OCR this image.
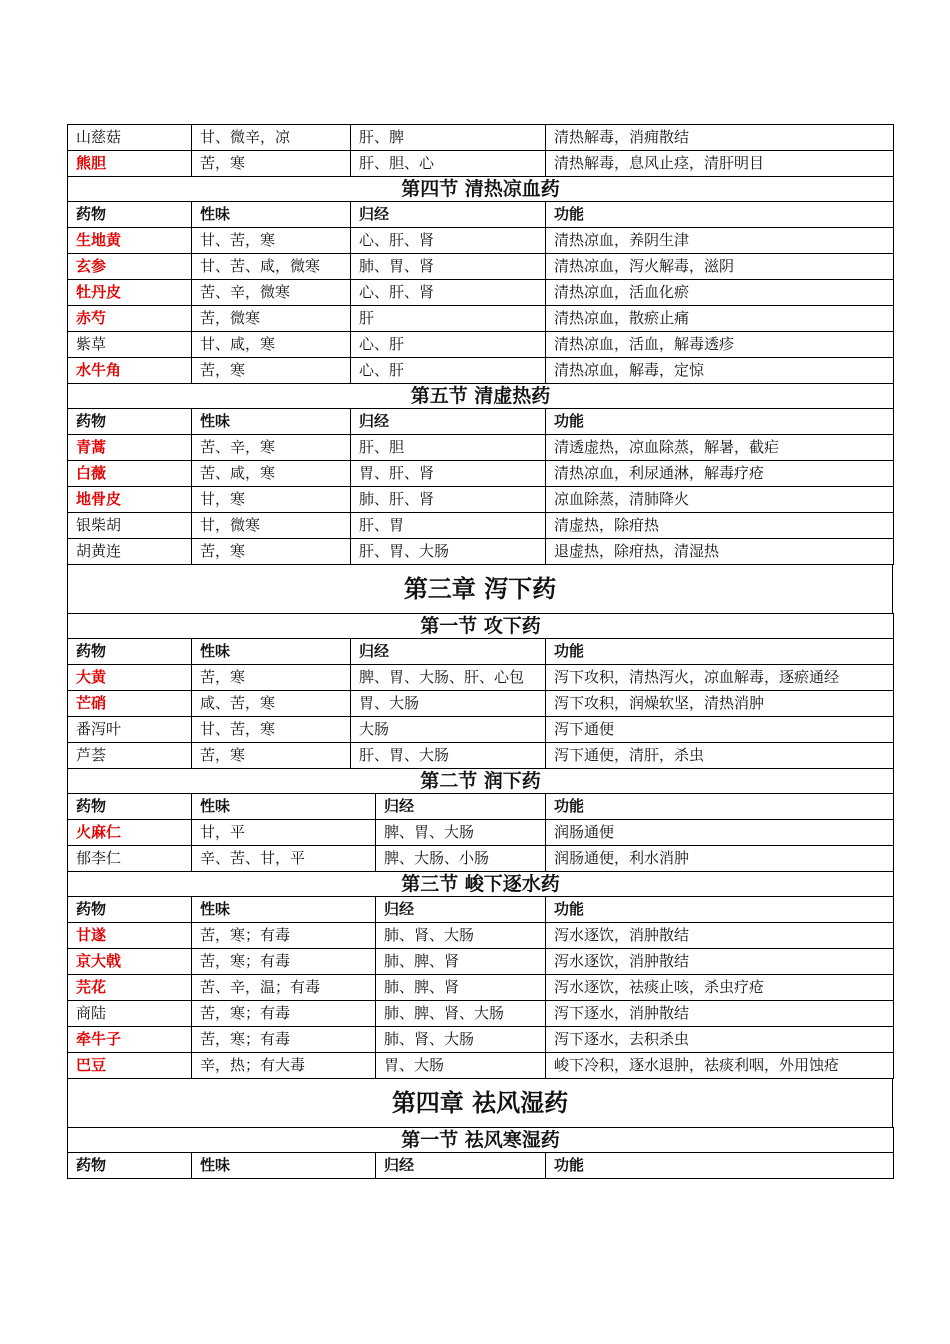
山慈菇	甘、微辛，凉	肝、脾	清热解毒，消痈散结
熊胆	苦，寒	肝、胆、心	清热解毒，息风止痉，清肝明目
第四节 清热凉血药			
药物	性味	归经	功能
生地黄	甘、苦，寒	心、肝、肾	清热凉血，养阴生津
玄参	甘、苦、咸，微寒	肺、胃、肾	清热凉血，泻火解毒，滋阴
牡丹皮	苦、辛，微寒	心、肝、肾	清热凉血，活血化瘀
赤芍	苦，微寒	肝	清热凉血，散瘀止痛
紫草	甘、咸，寒	心、肝	清热凉血，活血，解毒透疹
水牛角	苦，寒	心、肝	清热凉血，解毒，定惊
第五节 清虚热药			
药物	性味	归经	功能
青蒿	苦、辛，寒	肝、胆	清透虚热，凉血除蒸，解暑，截疟
白薇	苦、咸，寒	胃、肝、肾	清热凉血，利尿通淋，解毒疗疮
地骨皮	甘，寒	肺、肝、肾	凉血除蒸，清肺降火
银柴胡	甘，微寒	肝、胃	清虚热，除疳热
胡黄连	苦，寒	肝、胃、大肠	退虚热，除疳热，清湿热
第三章 泻下药
第一节 攻下药			
药物	性味	归经	功能
大黄	苦，寒	脾、胃、大肠、肝、心包	泻下攻积，清热泻火，凉血解毒，逐瘀通经
芒硝	咸、苦，寒	胃、大肠	泻下攻积，润燥软坚，清热消肿
番泻叶	甘、苦，寒	大肠	泻下通便
芦荟	苦，寒	肝、胃、大肠	泻下通便，清肝，杀虫
第二节 润下药			
药物	性味	归经	功能
火麻仁	甘，平	脾、胃、大肠	润肠通便
郁李仁	辛、苦、甘，平	脾、大肠、小肠	润肠通便，利水消肿
第三节 峻下逐水药			
药物	性味	归经	功能
甘遂	苦，寒；有毒	肺、肾、大肠	泻水逐饮，消肿散结
京大戟	苦，寒；有毒	肺、脾、肾	泻水逐饮，消肿散结
芫花	苦、辛，温；有毒	肺、脾、肾	泻水逐饮，祛痰止咳，杀虫疗疮
商陆	苦，寒；有毒	肺、脾、肾、大肠	泻下逐水，消肿散结
牵牛子	苦，寒；有毒	肺、肾、大肠	泻下逐水，去积杀虫
巴豆	辛，热；有大毒	胃、大肠	峻下冷积，逐水退肿，祛痰利咽，外用蚀疮
第四章 祛风湿药
第一节 祛风寒湿药
药物	性味	归经	功能
